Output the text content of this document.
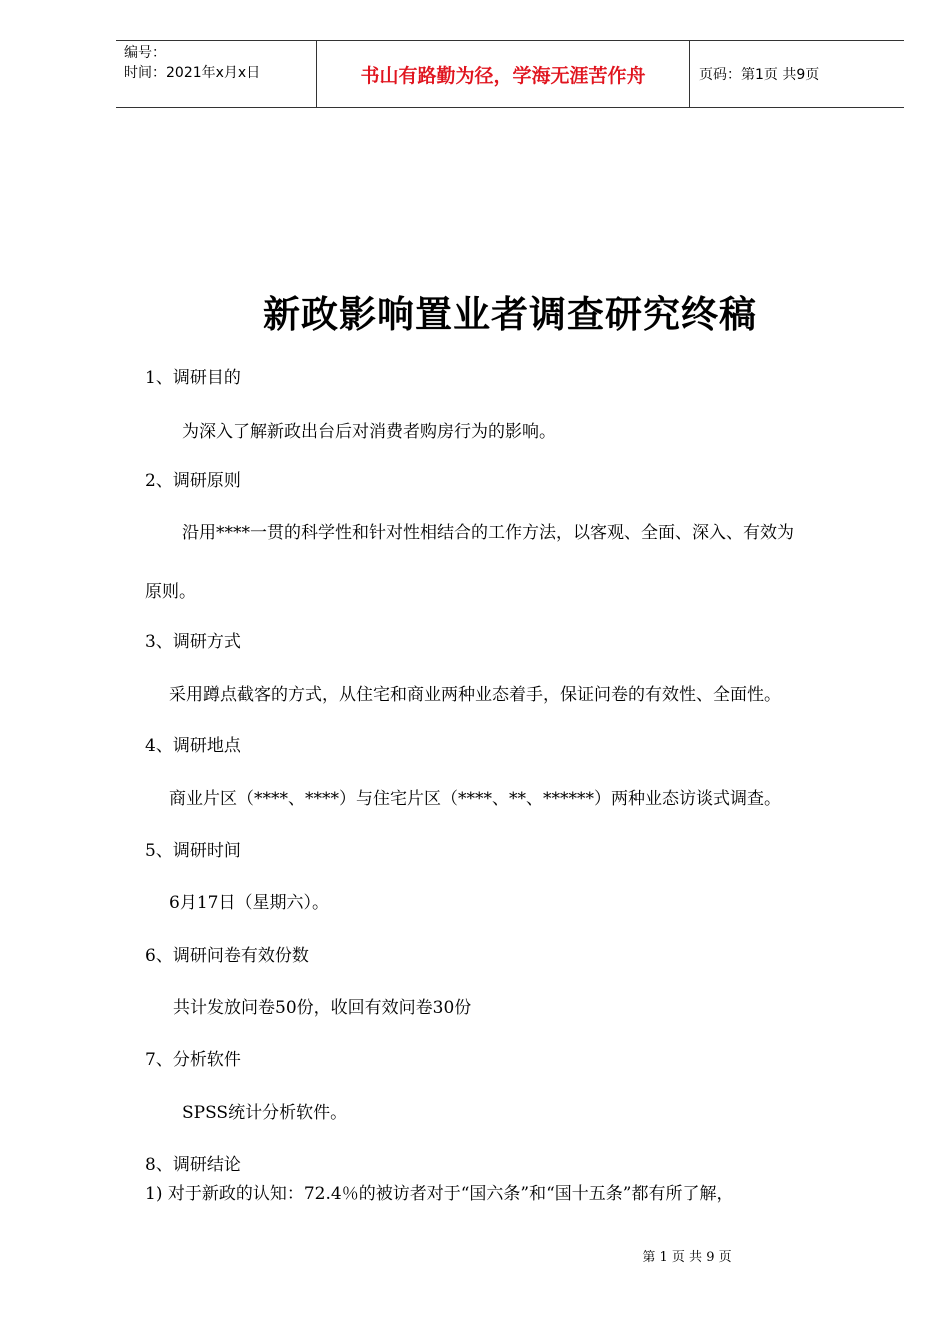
编号：
时间：2021年x月x日	书山有路勤为径，学海无涯苦作舟	页码：第1页 共9页
新政影响置业者调查研究终稿
1、调研目的
为深入了解新政出台后对消费者购房行为的影响。
2、调研原则
沿用****一贯的科学性和针对性相结合的工作方法，以客观、全面、深入、有效为
原则。
3、调研方式
采用蹲点截客的方式，从住宅和商业两种业态着手，保证问卷的有效性、全面性。
4、调研地点
商业片区（****、****）与住宅片区（****、**、******）两种业态访谈式调查。
5、调研时间
6月17日（星期六）。
6、调研问卷有效份数
共计发放问卷50份，收回有效问卷30份
7、分析软件
SPSS统计分析软件。
8、调研结论
1) 对于新政的认知：72.4％的被访者对于“国六条”和“国十五条”都有所了解，
第 1 页 共 9 页
